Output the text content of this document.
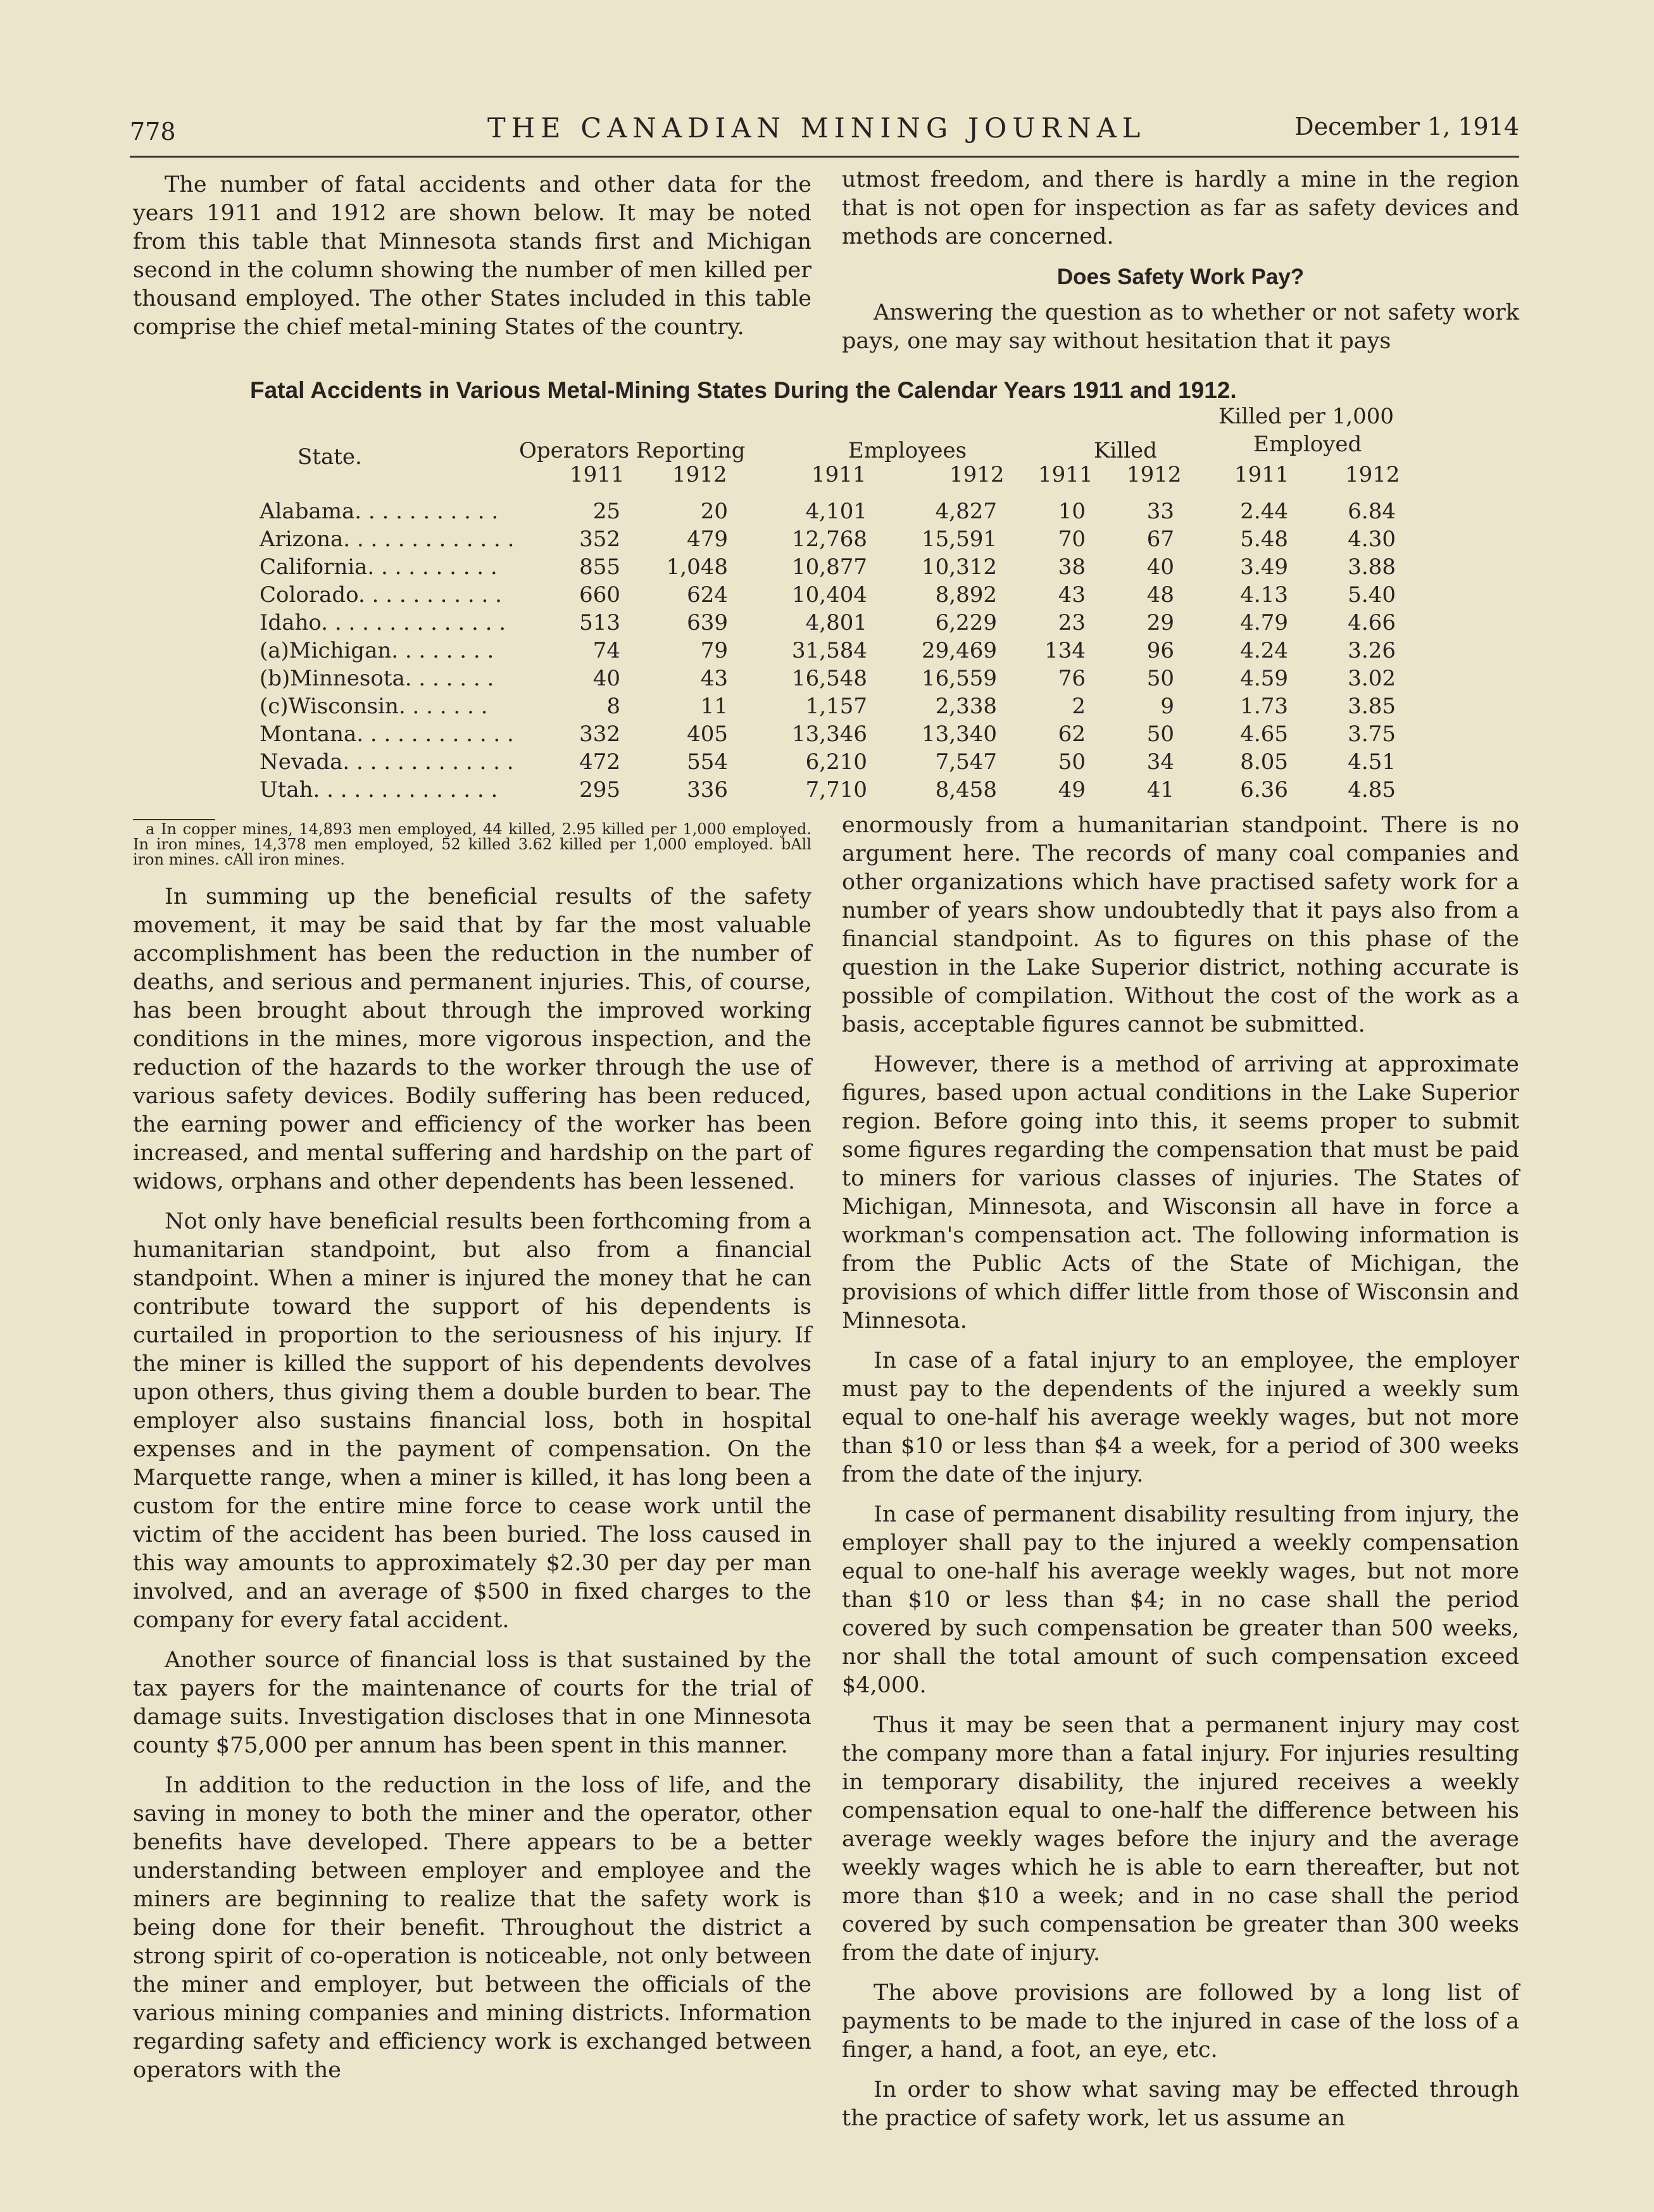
778	THE CANADIAN MINING JOURNAL	December 1, 1914

The number of fatal accidents and other data for the years 1911 and 1912 are shown below. It may be noted from this table that Minnesota stands first and Michigan second in the column showing the number of men killed per thousand employed. The other States included in this table comprise the chief metal-mining States of the country.

utmost freedom, and there is hardly a mine in the region that is not open for inspection as far as safety devices and methods are concerned.

Does Safety Work Pay?

Answering the question as to whether or not safety work pays, one may say without hesitation that it pays

Fatal Accidents in Various Metal-Mining States During the Calendar Years 1911 and 1912.
Killed per 1,000
State.	Operators Reporting	Employees	Killed	Employed
1911 1912	1911	1912 1911 1912 1911	1912
Alabama. . . . . . . . . . .	25	20	4,101	4,827	10	33	2.44	6.84
Arizona. . . . . . . . . . . . .	352	479	12,768	15,591	70	67	5.48	4.30
California. . . . . . . . . .	855 1,048	10,877	10,312	38	40	3.49	3.88
Colorado. . . . . . . . . . .	660	624	10,404	8,892	43	48	4.13	5.40
Idaho. . . . . . . . . . . . . .	513	639	4,801	6,229	23	29	4.79	4.66
(a)Michigan. . . . . . . .	74	79	31,584	29,469 134	96	4.24	3.26
(b)Minnesota. . . . . . .	40	43	16,548	16,559	76	50	4.59	3.02
(c)Wisconsin. . . . . . .	8	11	1,157	2,338	2	9	1.73	3.85
Montana. . . . . . . . . . . .	332	405	13,346	13,340	62	50	4.65	3.75
Nevada. . . . . . . . . . . . .	472	554	6,210	7,547	50	34	8.05	4.51
Utah. . . . . . . . . . . . . .	295	336	7,710	8,458	49	41	6.36	4.85
a In copper mines, 14,893 men employed, 44 killed, 2.95 killed per 1,000 employed. In iron mines, 14,378 men employed, 52 killed 3.62 killed per 1,000 employed. bAll iron mines. cAll iron mines.

In summing up the beneficial results of the safety movement, it may be said that by far the most valuable accomplishment has been the reduction in the number of deaths, and serious and permanent injuries. This, of course, has been brought about through the improved working conditions in the mines, more vigorous inspection, and the reduction of the hazards to the worker through the use of various safety devices. Bodily suffering has been reduced, the earning power and efficiency of the worker has been increased, and mental suffering and hardship on the part of widows, orphans and other dependents has been lessened.

Not only have beneficial results been forthcoming from a humanitarian standpoint, but also from a financial standpoint. When a miner is injured the money that he can contribute toward the support of his dependents is curtailed in proportion to the seriousness of his injury. If the miner is killed the support of his dependents devolves upon others, thus giving them a double burden to bear. The employer also sustains financial loss, both in hospital expenses and in the payment of compensation. On the Marquette range, when a miner is killed, it has long been a custom for the entire mine force to cease work until the victim of the accident has been buried. The loss caused in this way amounts to approximately $2.30 per day per man involved, and an average of $500 in fixed charges to the company for every fatal accident.

Another source of financial loss is that sustained by the tax payers for the maintenance of courts for the trial of damage suits. Investigation discloses that in one Minnesota county $75,000 per annum has been spent in this manner.

In addition to the reduction in the loss of life, and the saving in money to both the miner and the operator, other benefits have developed. There appears to be a better understanding between employer and employee and the miners are beginning to realize that the safety work is being done for their benefit. Throughout the district a strong spirit of co-operation is noticeable, not only between the miner and employer, but between the officials of the various mining companies and mining districts. Information regarding safety and efficiency work is exchanged between operators with the

enormously from a humanitarian standpoint. There is no argument here. The records of many coal companies and other organizations which have practised safety work for a number of years show undoubtedly that it pays also from a financial standpoint. As to figures on this phase of the question in the Lake Superior district, nothing accurate is possible of compilation. Without the cost of the work as a basis, acceptable figures cannot be submitted.

However, there is a method of arriving at approximate figures, based upon actual conditions in the Lake Superior region. Before going into this, it seems proper to submit some figures regarding the compensation that must be paid to miners for various classes of injuries. The States of Michigan, Minnesota, and Wisconsin all have in force a workman's compensation act. The following information is from the Public Acts of the State of Michigan, the provisions of which differ little from those of Wisconsin and Minnesota.

In case of a fatal injury to an employee, the employer must pay to the dependents of the injured a weekly sum equal to one-half his average weekly wages, but not more than $10 or less than $4 a week, for a period of 300 weeks from the date of the injury.

In case of permanent disability resulting from injury, the employer shall pay to the injured a weekly compensation equal to one-half his average weekly wages, but not more than $10 or less than $4; in no case shall the period covered by such compensation be greater than 500 weeks, nor shall the total amount of such compensation exceed $4,000.

Thus it may be seen that a permanent injury may cost the company more than a fatal injury. For injuries resulting in temporary disability, the injured receives a weekly compensation equal to one-half the difference between his average weekly wages before the injury and the average weekly wages which he is able to earn thereafter, but not more than $10 a week; and in no case shall the period covered by such compensation be greater than 300 weeks from the date of injury.

The above provisions are followed by a long list of payments to be made to the injured in case of the loss of a finger, a hand, a foot, an eye, etc.

In order to show what saving may be effected through the practice of safety work, let us assume an
